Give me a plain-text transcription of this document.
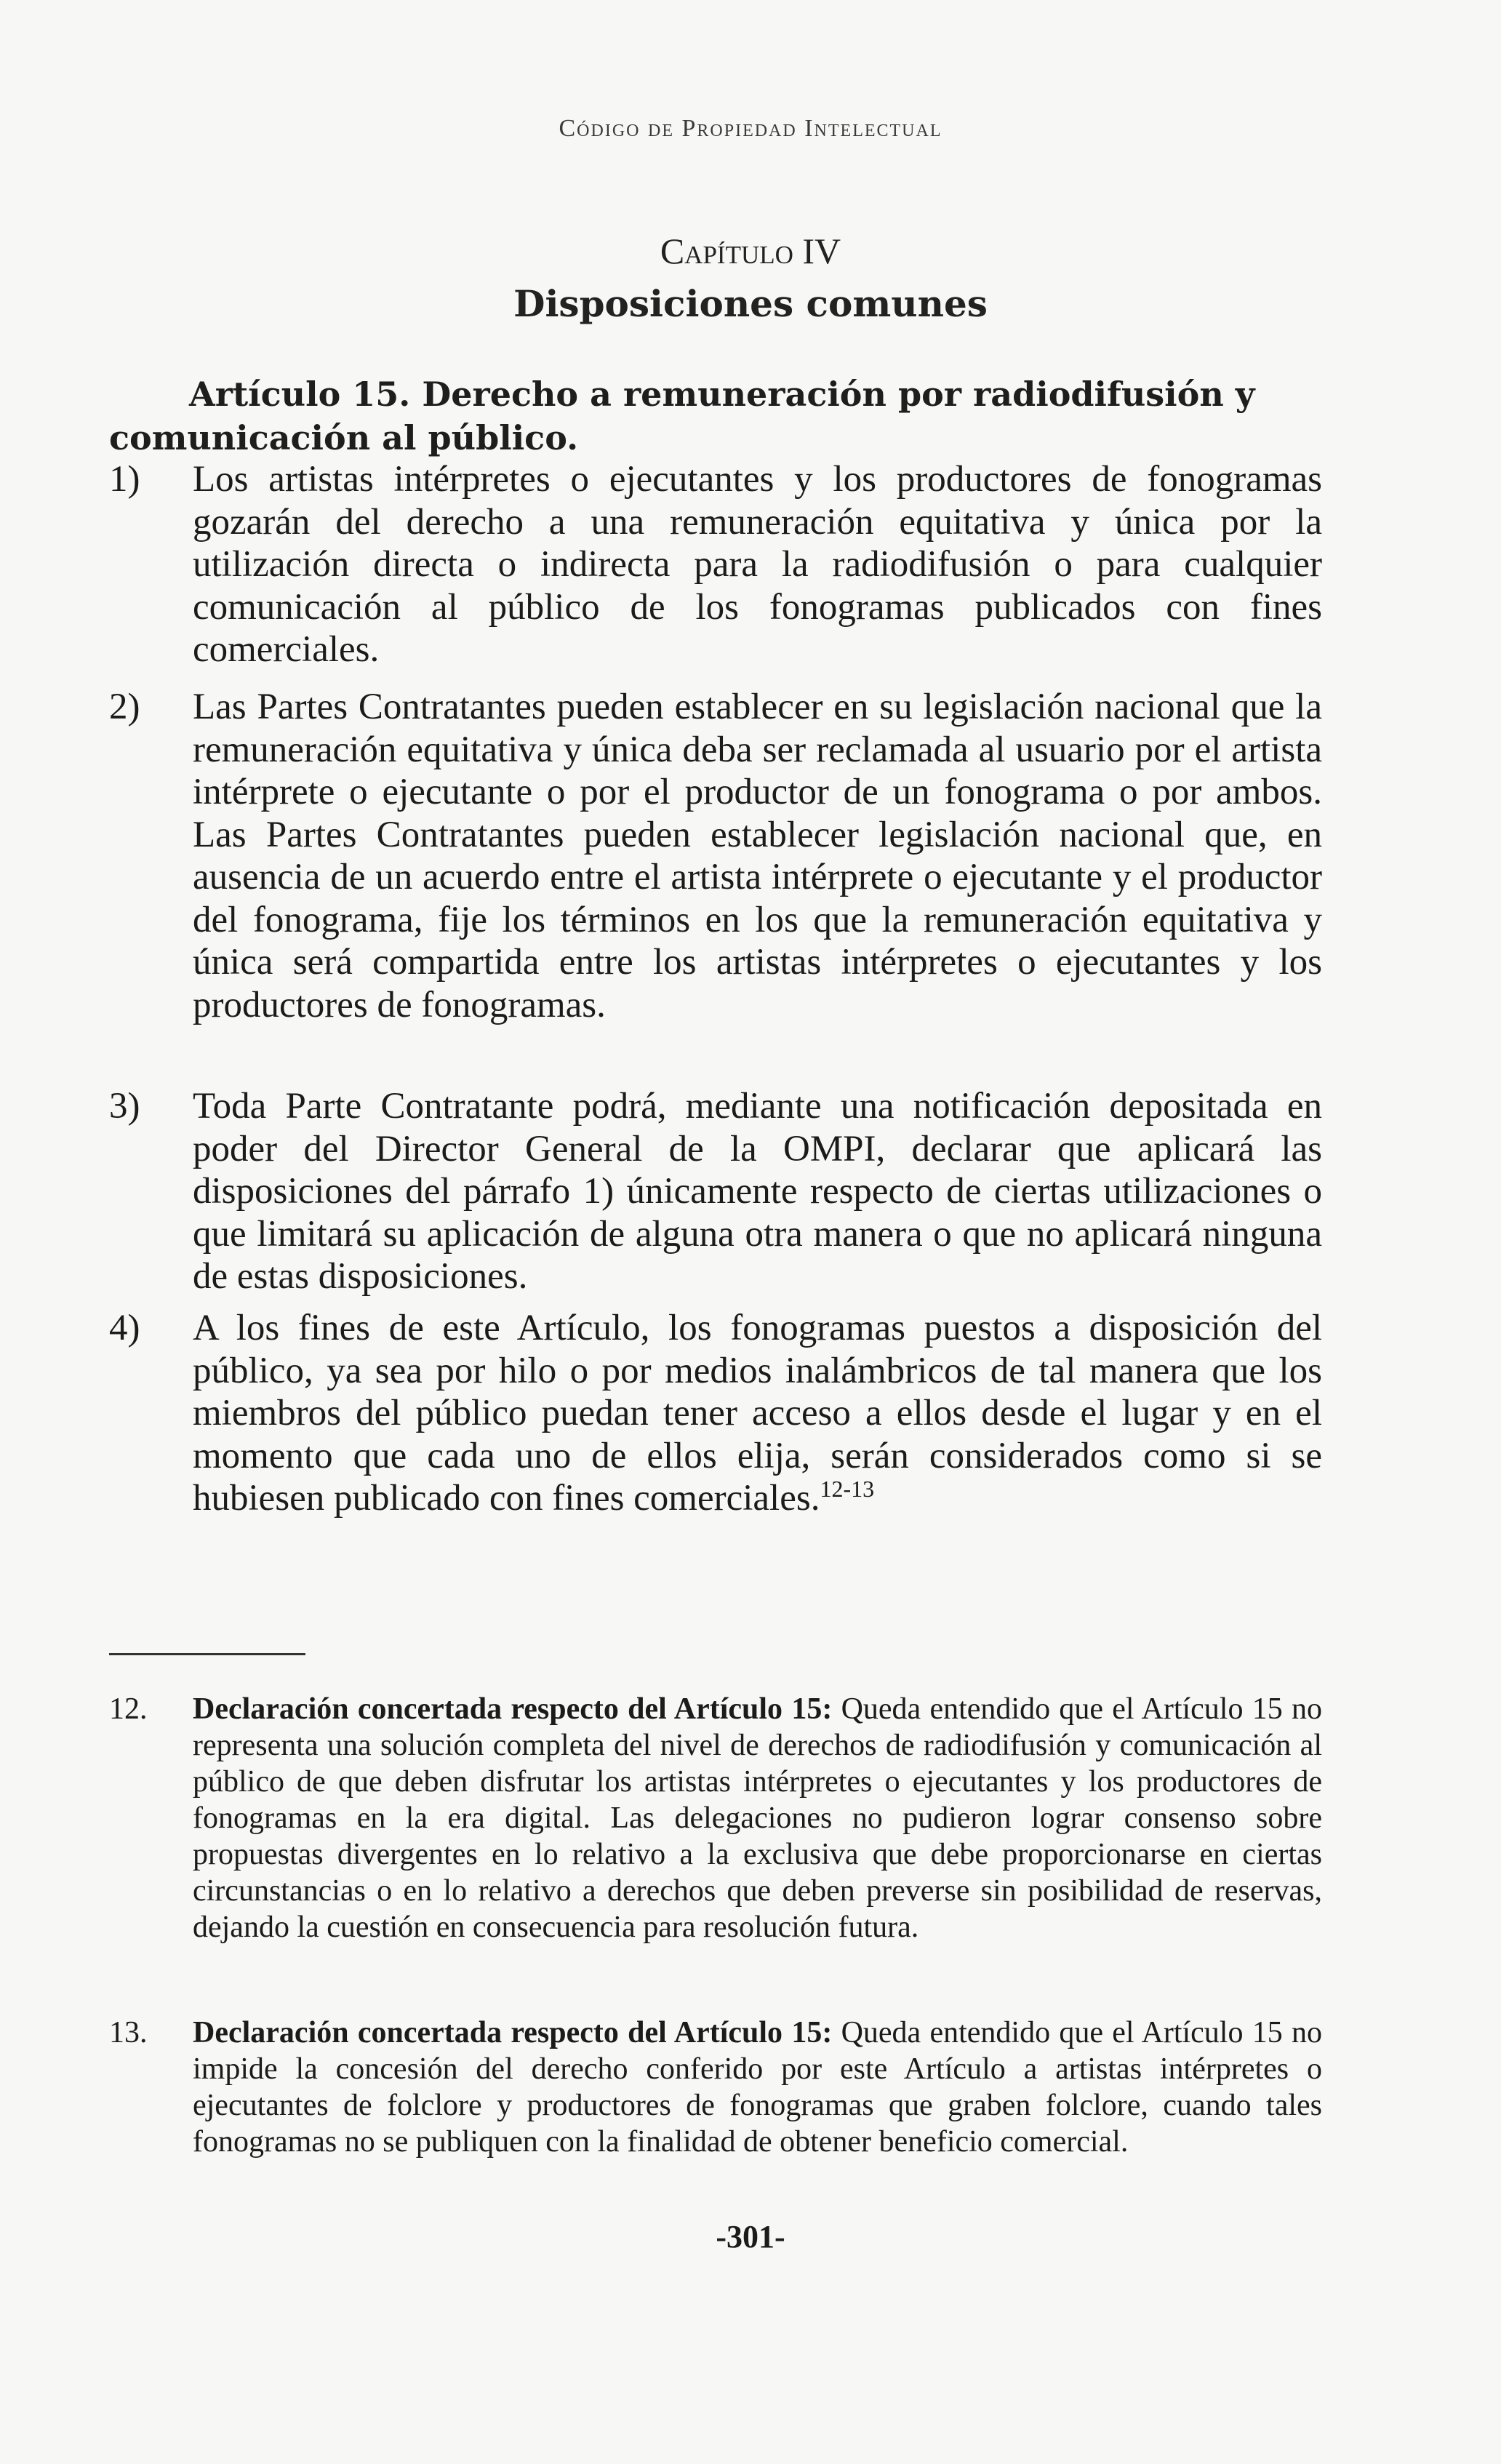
Código de Propiedad Intelectual
Capítulo IV
Disposiciones comunes
Artículo 15. Derecho a remuneración por radiodifusión y comunicación al público.
1)	Los artistas intérpretes o ejecutantes y los productores de fonogramas gozarán del derecho a una remuneración equitativa y única por la utilización directa o indirecta para la radiodifusión o para cualquier comunicación al público de los fonogramas publicados con fines comerciales.
2)	Las Partes Contratantes pueden establecer en su legislación nacional que la remuneración equitativa y única deba ser reclamada al usuario por el artista intérprete o ejecutante o por el productor de un fonograma o por ambos. Las Partes Contratantes pueden establecer legislación nacional que, en ausencia de un acuerdo entre el artista intérprete o ejecutante y el productor del fonograma, fije los términos en los que la remuneración equitativa y única será compartida entre los artistas intérpretes o ejecutantes y los productores de fonogramas.
3)	Toda Parte Contratante podrá, mediante una notificación depositada en poder del Director General de la OMPI, declarar que aplicará las disposiciones del párrafo 1) únicamente respecto de ciertas utilizaciones o que limitará su aplicación de alguna otra manera o que no aplicará ninguna de estas disposiciones.
4)	A los fines de este Artículo, los fonogramas puestos a disposición del público, ya sea por hilo o por medios inalámbricos de tal manera que los miembros del público puedan tener acceso a ellos desde el lugar y en el momento que cada uno de ellos elija, serán considerados como si se hubiesen publicado con fines comerciales.$^{12-13}$
12.	Declaración concertada respecto del Artículo 15: Queda entendido que el Artículo 15 no representa una solución completa del nivel de derechos de radiodifusión y comunicación al público de que deben disfrutar los artistas intérpretes o ejecutantes y los productores de fonogramas en la era digital. Las delegaciones no pudieron lograr consenso sobre propuestas divergentes en lo relativo a la exclusiva que debe proporcionarse en ciertas circunstancias o en lo relativo a derechos que deben preverse sin posibilidad de reservas, dejando la cuestión en consecuencia para resolución futura.
13.	Declaración concertada respecto del Artículo 15: Queda entendido que el Artículo 15 no impide la concesión del derecho conferido por este Artículo a artistas intérpretes o ejecutantes de folclore y productores de fonogramas que graben folclore, cuando tales fonogramas no se publiquen con la finalidad de obtener beneficio comercial.
-301-
